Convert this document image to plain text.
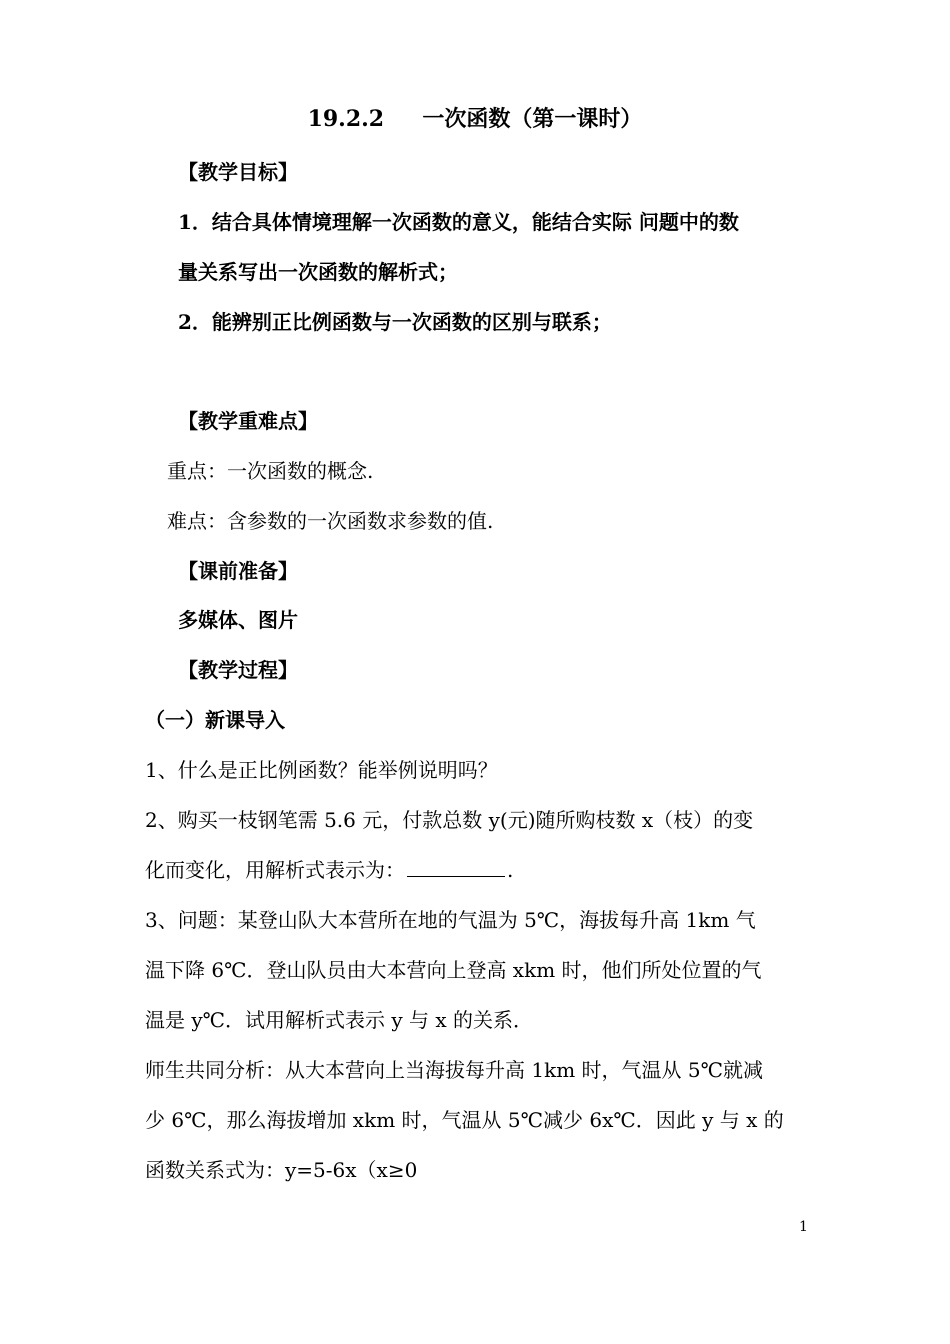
19.2.2     一次函数（第一课时）
【教学目标】
1．结合具体情境理解一次函数的意义，能结合实际 问题中的数
量关系写出一次函数的解析式；
2．能辨别正比例函数与一次函数的区别与联系；
【教学重难点】
重点：一次函数的概念.
难点：含参数的一次函数求参数的值.
【课前准备】
多媒体、图片
【教学过程】
（一）新课导入
1、什么是正比例函数？能举例说明吗？
2、购买一枝钢笔需 5.6 元，付款总数 y(元)随所购枝数 x（枝）的变
化而变化，用解析式表示为：	.
3、问题：某登山队大本营所在地的气温为 5℃，海拔每升高 1km 气
温下降 6℃．登山队员由大本营向上登高 xkm 时，他们所处位置的气
温是 y℃．试用解析式表示 y 与 x 的关系．
师生共同分析：从大本营向上当海拔每升高 1km 时，气温从 5℃就减
少 6℃，那么海拔增加 xkm 时，气温从 5℃减少 6x℃．因此 y 与 x 的
函数关系式为：y=5-6x（x≥0
1
